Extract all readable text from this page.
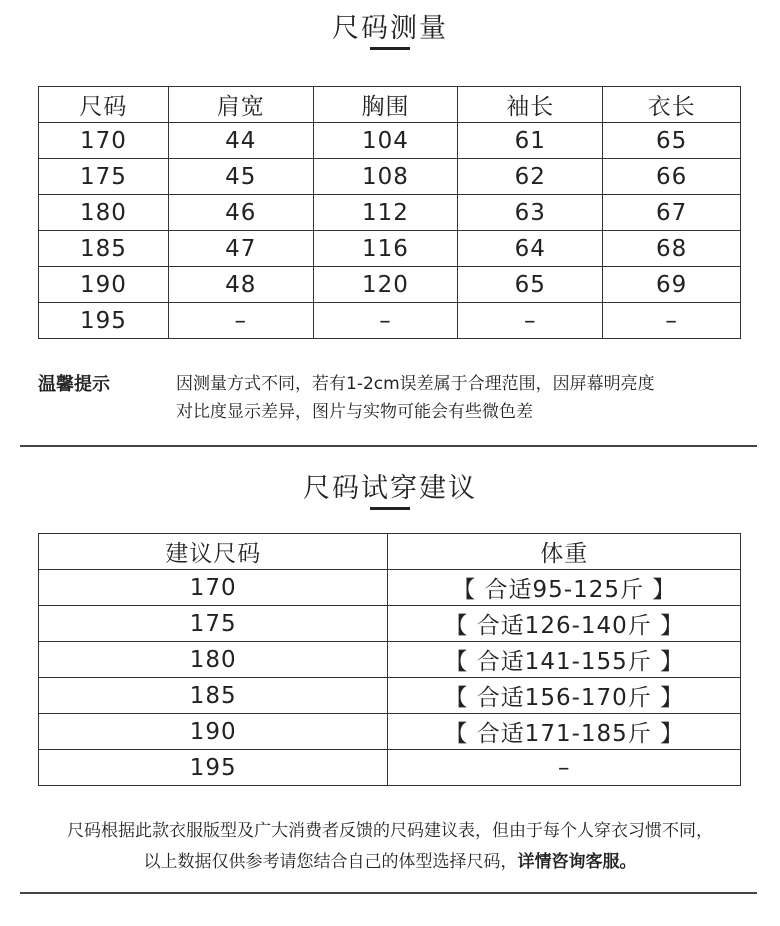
尺码测量
尺码	肩宽	胸围	袖长	衣长
170	44	104	61	65
175	45	108	62	66
180	46	112	63	67
185	47	116	64	68
190	48	120	65	69
195	–	–	–	–
温馨提示	因测量方式不同，若有1-2cm误差属于合理范围，因屏幕明亮度
对比度显示差异，图片与实物可能会有些微色差
尺码试穿建议
建议尺码	体重
170	【 合适95-125斤 】
175	【 合适126-140斤 】
180	【 合适141-155斤 】
185	【 合适156-170斤 】
190	【 合适171-185斤 】
195	–
尺码根据此款衣服版型及广大消费者反馈的尺码建议表，但由于每个人穿衣习惯不同，
以上数据仅供参考请您结合自己的体型选择尺码，详情咨询客服。
